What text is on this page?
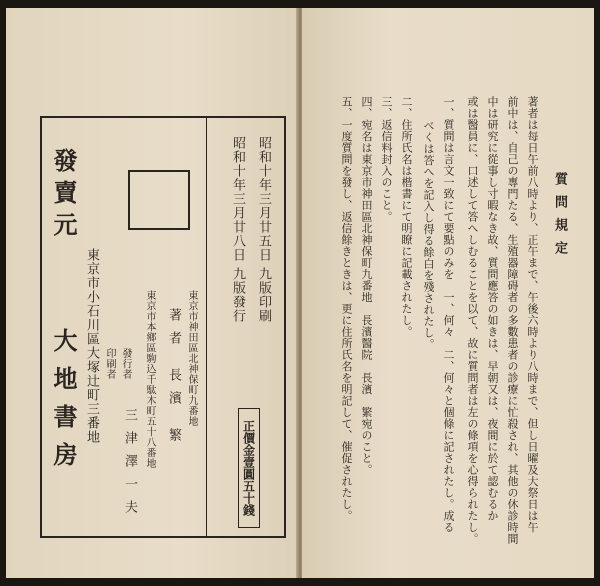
發賣元
大地書房 東京市小石川區大塚辻町三番地
昭和十年三月廿五日 九版印刷
昭和十年三月廿八日 九版發行
東京市神田區北神保町九番地
著者
長濱 繁
東京市本鄉區駒込千駄木町五十八番地
發行者
印刷者
三津澤一夫	正價金壹圓五十錢
質問規定
著者は每日午前八時より、正午まで、午後六時より八時まで、但し日曜及大祭日は午
前中は、自己の專門たる、生殖器障碍者の多數患者の診療に忙殺され、其他の休診時間
中は研究に從事し寸暇なき故、質問應答の如きは、早朝又は、夜間に於て認むるか
或は醫員に、口述して答へしむることを以て、故に質問者は左の條項を心得られたし。
一、質問は言文一致にて要點のみを　一、何々　二、何々と個條に記されたし。成る
べくは答へを記入し得る餘白を殘されたし。
二、住所氏名は楷書にて明瞭に記載されたし。
三、返信料封入のこと。
四、宛名は東京市神田區北神保町九番地　長濱醫院　長濱　繁宛のこと。
五、一度質問を發し、返信餘きときは、更に住所氏名を明記して、催促されたし。
